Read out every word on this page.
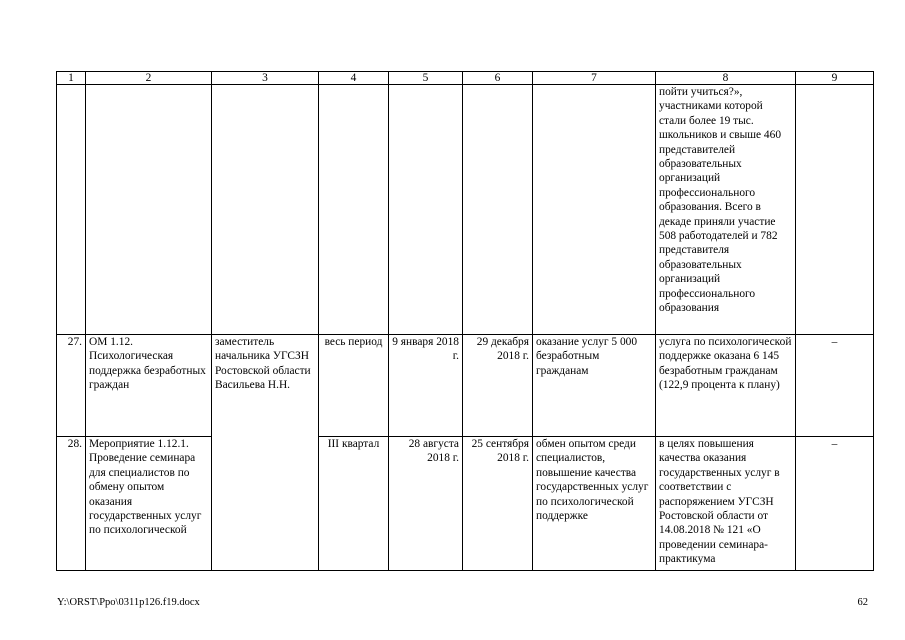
1	2	3	4	5	6	7	8	9
							пойти учиться?», участниками которой стали более 19 тыс. школьников и свыше 460 представителей образовательных организаций профессионального образования. Всего в декаде приняли участие 508 работодателей и 782 представителя образовательных организаций профессионального образования	
27.	ОМ 1.12. Психологическая поддержка безработных граждан	заместитель начальника УГСЗН Ростовской области Васильева Н.Н.	весь период	9 января 2018 г.	29 декабря 2018 г.	оказание услуг 5 000 безработным гражданам	услуга по психологической поддержке оказана 6 145 безработным гражданам (122,9 процента к плану)	–
28.	Мероприятие 1.12.1. Проведение семинара для специалистов по обмену опытом оказания государственных услуг по психологической		III квартал	28 августа 2018 г.	25 сентября 2018 г.	обмен опытом среди специалистов, повышение качества государственных услуг по психологической поддержке	в целях повышения качества оказания государственных услуг в соответствии с распоряжением УГСЗН Ростовской области от 14.08.2018 № 121 «О проведении семинара-практикума	–
Y:\ORST\Ppo\0311p126.f19.docx	62
